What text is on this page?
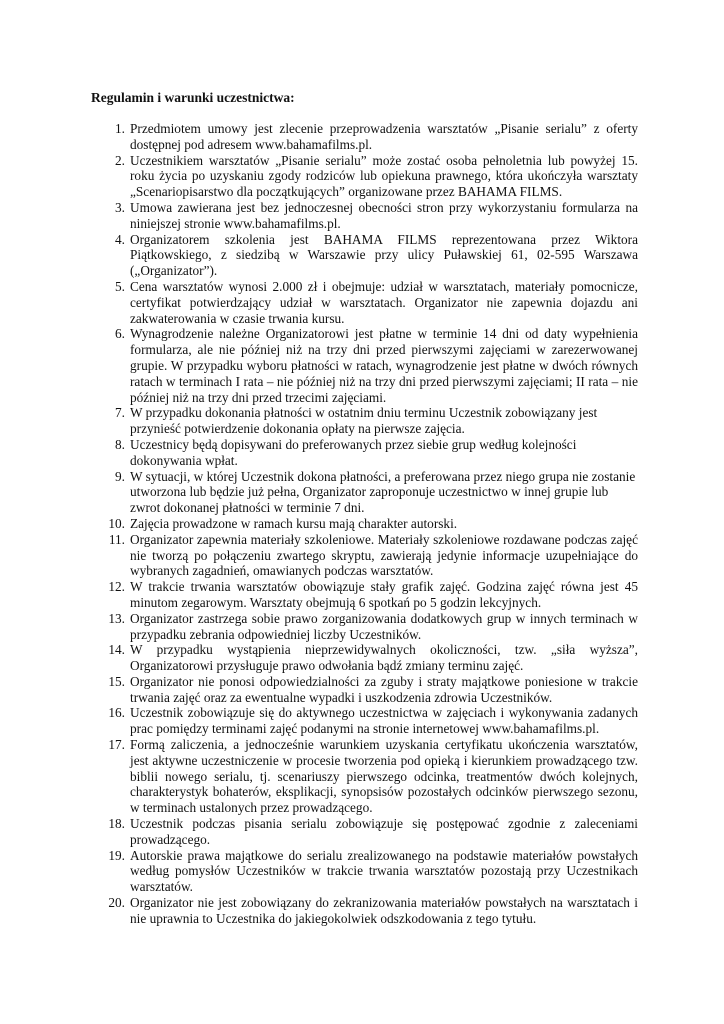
Regulamin i warunki uczestnictwa:
1. Przedmiotem umowy jest zlecenie przeprowadzenia warsztatów „Pisanie serialu” z oferty dostępnej pod adresem www.bahamafilms.pl.
2. Uczestnikiem warsztatów „Pisanie serialu” może zostać osoba pełnoletnia lub powyżej 15. roku życia po uzyskaniu zgody rodziców lub opiekuna prawnego, która ukończyła warsztaty „Scenariopisarstwo dla początkujących” organizowane przez BAHAMA FILMS.
3. Umowa zawierana jest bez jednoczesnej obecności stron przy wykorzystaniu formularza na niniejszej stronie www.bahamafilms.pl.
4. Organizatorem szkolenia jest BAHAMA FILMS reprezentowana przez Wiktora Piątkowskiego, z siedzibą w Warszawie przy ulicy Puławskiej 61, 02-595 Warszawa („Organizator”).
5. Cena warsztatów wynosi 2.000 zł i obejmuje: udział w warsztatach, materiały pomocnicze, certyfikat potwierdzający udział w warsztatach. Organizator nie zapewnia dojazdu ani zakwaterowania w czasie trwania kursu.
6. Wynagrodzenie należne Organizatorowi jest płatne w terminie 14 dni od daty wypełnienia formularza, ale nie później niż na trzy dni przed pierwszymi zajęciami w zarezerwowanej grupie. W przypadku wyboru płatności w ratach, wynagrodzenie jest płatne w dwóch równych ratach w terminach I rata – nie później niż na trzy dni przed pierwszymi zajęciami; II rata – nie później niż na trzy dni przed trzecimi zajęciami.
7. W przypadku dokonania płatności w ostatnim dniu terminu Uczestnik zobowiązany jest przynieść potwierdzenie dokonania opłaty na pierwsze zajęcia.
8. Uczestnicy będą dopisywani do preferowanych przez siebie grup według kolejności dokonywania wpłat.
9. W sytuacji, w której Uczestnik dokona płatności, a preferowana przez niego grupa nie zostanie utworzona lub będzie już pełna, Organizator zaproponuje uczestnictwo w innej grupie lub zwrot dokonanej płatności w terminie 7 dni.
10. Zajęcia prowadzone w ramach kursu mają charakter autorski.
11. Organizator zapewnia materiały szkoleniowe. Materiały szkoleniowe rozdawane podczas zajęć nie tworzą po połączeniu zwartego skryptu, zawierają jedynie informacje uzupełniające do wybranych zagadnień, omawianych podczas warsztatów.
12. W trakcie trwania warsztatów obowiązuje stały grafik zajęć. Godzina zajęć równa jest 45 minutom zegarowym. Warsztaty obejmują 6 spotkań po 5 godzin lekcyjnych.
13. Organizator zastrzega sobie prawo zorganizowania dodatkowych grup w innych terminach w przypadku zebrania odpowiedniej liczby Uczestników.
14. W przypadku wystąpienia nieprzewidywalnych okoliczności, tzw. „siła wyższa”, Organizatorowi przysługuje prawo odwołania bądź zmiany terminu zajęć.
15. Organizator nie ponosi odpowiedzialności za zguby i straty majątkowe poniesione w trakcie trwania zajęć oraz za ewentualne wypadki i uszkodzenia zdrowia Uczestników.
16. Uczestnik zobowiązuje się do aktywnego uczestnictwa w zajęciach i wykonywania zadanych prac pomiędzy terminami zajęć podanymi na stronie internetowej www.bahamafilms.pl.
17. Formą zaliczenia, a jednocześnie warunkiem uzyskania certyfikatu ukończenia warsztatów, jest aktywne uczestniczenie w procesie tworzenia pod opieką i kierunkiem prowadzącego tzw. biblii nowego serialu, tj. scenariuszy pierwszego odcinka, treatmentów dwóch kolejnych, charakterystyk bohaterów, eksplikacji, synopsisów pozostałych odcinków pierwszego sezonu, w terminach ustalonych przez prowadzącego.
18. Uczestnik podczas pisania serialu zobowiązuje się postępować zgodnie z zaleceniami prowadzącego.
19. Autorskie prawa majątkowe do serialu zrealizowanego na podstawie materiałów powstałych według pomysłów Uczestników w trakcie trwania warsztatów pozostają przy Uczestnikach warsztatów.
20. Organizator nie jest zobowiązany do zekranizowania materiałów powstałych na warsztatach i nie uprawnia to Uczestnika do jakiegokolwiek odszkodowania z tego tytułu.
